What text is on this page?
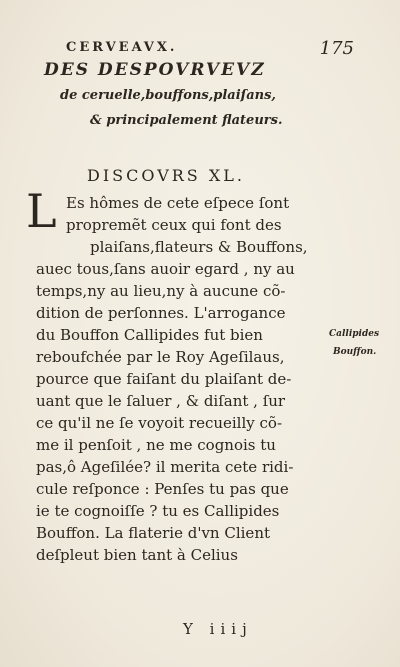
CERVEAVX.	175
DES DESPOVRVEVZ
de ceruelle,bouffons,plaiſans,
& principalement flateurs.
DISCOVRS XL.
L Es hômes de cete eſpece ſont
propremẽt ceux qui font des
plaiſans,flateurs & Bouffons,
auec tous,ſans auoir egard , ny au
temps,ny au lieu,ny à aucune cõ-
dition de perſonnes. L'arrogance
du Bouffon Callipides fut bien
reboufchée par le Roy Ageſilaus,
pource que faiſant du plaiſant de-
uant que le ſaluer , & diſant , ſur
ce qu'il ne ſe voyoit recueilly cõ-
me il penſoit , ne me cognois tu
pas,ô Ageſilée? il merita cete ridi-
cule reſponce : Penſes tu pas que
ie te cognoiſſe ? tu es Callipides
Bouffon. La flaterie d'vn Client
deſpleut bien tant à Celius
Callipides
Bouffon.
Y iiij
